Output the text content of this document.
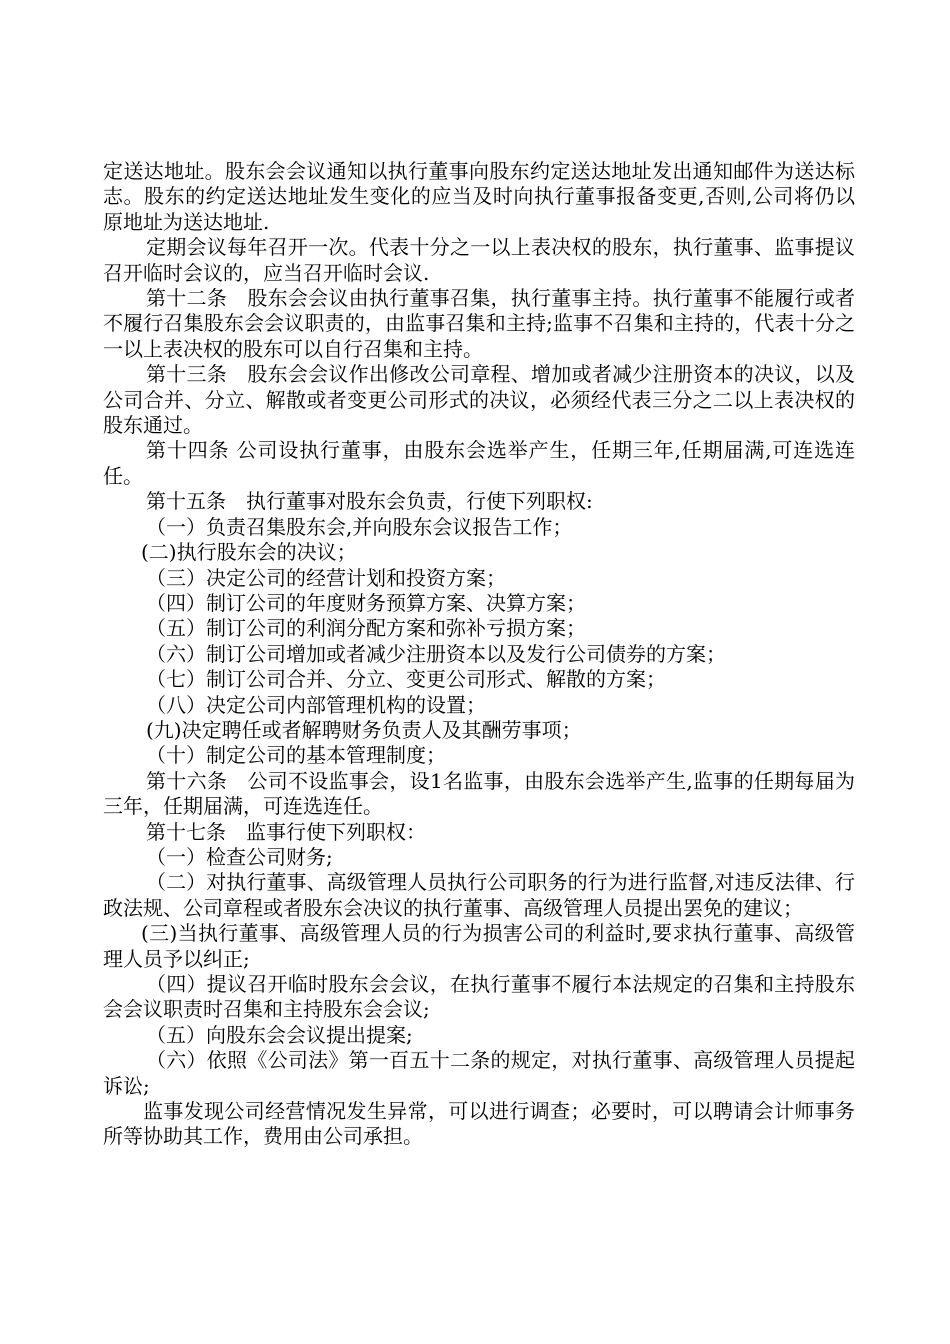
定送达地址。股东会会议通知以执行董事向股东约定送达地址发出通知邮件为送达标志。股东的约定送达地址发生变化的应当及时向执行董事报备变更,否则,公司将仍以原地址为送达地址.

定期会议每年召开一次。代表十分之一以上表决权的股东，执行董事、监事提议召开临时会议的，应当召开临时会议.

第十二条　股东会会议由执行董事召集，执行董事主持。执行董事不能履行或者不履行召集股东会会议职责的，由监事召集和主持;监事不召集和主持的，代表十分之一以上表决权的股东可以自行召集和主持。

第十三条　股东会会议作出修改公司章程、增加或者减少注册资本的决议，以及公司合并、分立、解散或者变更公司形式的决议，必须经代表三分之二以上表决权的股东通过。

第十四条 公司设执行董事，由股东会选举产生，任期三年,任期届满,可连选连任。

第十五条　执行董事对股东会负责，行使下列职权:

（一）负责召集股东会,并向股东会议报告工作；

(二)执行股东会的决议；

（三）决定公司的经营计划和投资方案；

（四）制订公司的年度财务预算方案、决算方案；

（五）制订公司的利润分配方案和弥补亏损方案；

（六）制订公司增加或者减少注册资本以及发行公司债券的方案；

（七）制订公司合并、分立、变更公司形式、解散的方案；

（八）决定公司内部管理机构的设置；

(九)决定聘任或者解聘财务负责人及其酬劳事项；

（十）制定公司的基本管理制度；

第十六条　公司不设监事会，设1名监事，由股东会选举产生,监事的任期每届为三年，任期届满，可连选连任。

第十七条　监事行使下列职权：

（一）检查公司财务;

（二）对执行董事、高级管理人员执行公司职务的行为进行监督,对违反法律、行政法规、公司章程或者股东会决议的执行董事、高级管理人员提出罢免的建议；

(三)当执行董事、高级管理人员的行为损害公司的利益时,要求执行董事、高级管理人员予以纠正;

（四）提议召开临时股东会会议，在执行董事不履行本法规定的召集和主持股东会会议职责时召集和主持股东会会议;

（五）向股东会会议提出提案;

（六）依照《公司法》第一百五十二条的规定，对执行董事、高级管理人员提起诉讼;

监事发现公司经营情况发生异常，可以进行调查；必要时，可以聘请会计师事务所等协助其工作，费用由公司承担。
